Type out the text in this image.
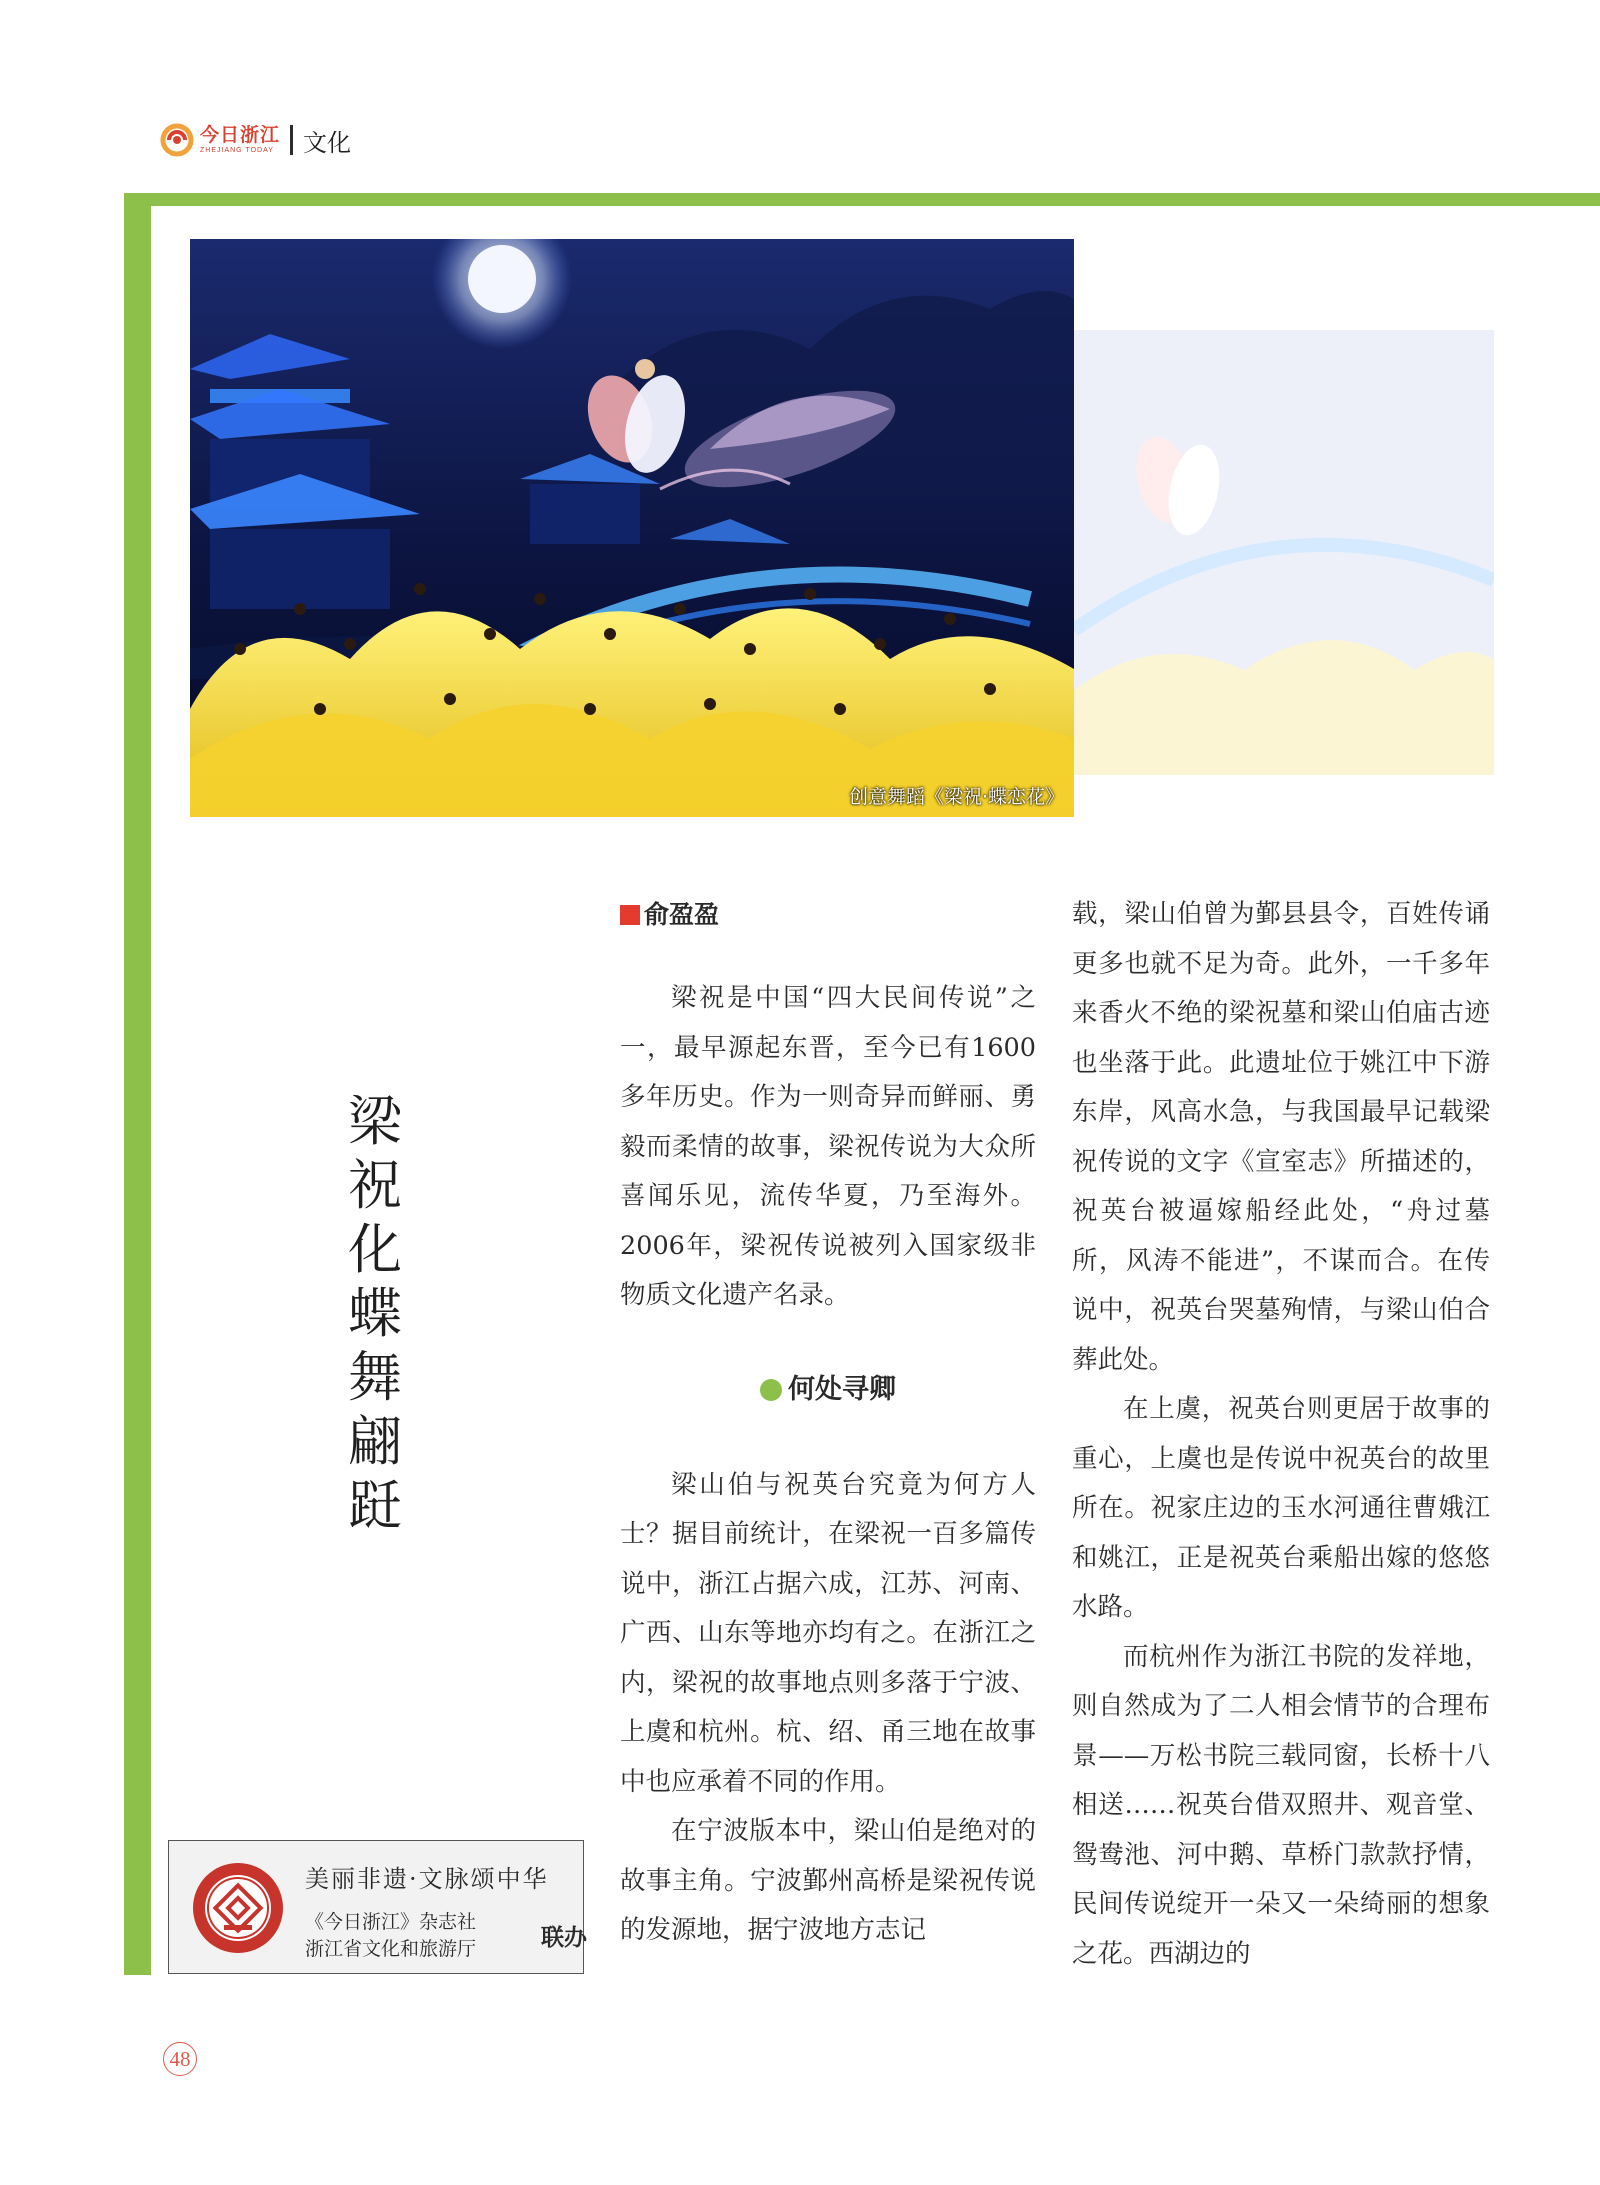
今日浙江
ZHEJIANG TODAY 文化
创意舞蹈《梁祝·蝶恋花》
梁祝化蝶舞翩跹
俞盈盈

梁祝是中国“四大民间传说”之一，最早源起东晋，至今已有1600多年历史。作为一则奇异而鲜丽、勇毅而柔情的故事，梁祝传说为大众所喜闻乐见，流传华夏，乃至海外。2006年，梁祝传说被列入国家级非物质文化遗产名录。

何处寻卿

梁山伯与祝英台究竟为何方人士？据目前统计，在梁祝一百多篇传说中，浙江占据六成，江苏、河南、广西、山东等地亦均有之。在浙江之内，梁祝的故事地点则多落于宁波、上虞和杭州。杭、绍、甬三地在故事中也应承着不同的作用。

在宁波版本中，梁山伯是绝对的故事主角。宁波鄞州高桥是梁祝传说的发源地，据宁波地方志记

载，梁山伯曾为鄞县县令，百姓传诵更多也就不足为奇。此外，一千多年来香火不绝的梁祝墓和梁山伯庙古迹也坐落于此。此遗址位于姚江中下游东岸，风高水急，与我国最早记载梁祝传说的文字《宣室志》所描述的，祝英台被逼嫁船经此处，“舟过墓所，风涛不能进”，不谋而合。在传说中，祝英台哭墓殉情，与梁山伯合葬此处。

在上虞，祝英台则更居于故事的重心，上虞也是传说中祝英台的故里所在。祝家庄边的玉水河通往曹娥江和姚江，正是祝英台乘船出嫁的悠悠水路。

而杭州作为浙江书院的发祥地，则自然成为了二人相会情节的合理布景——万松书院三载同窗，长桥十八相送……祝英台借双照井、观音堂、鸳鸯池、河中鹅、草桥门款款抒情，民间传说绽开一朵又一朵绮丽的想象之花。西湖边的

美丽非遗·文脉颂中华
《今日浙江》杂志社
浙江省文化和旅游厅	联办
48
